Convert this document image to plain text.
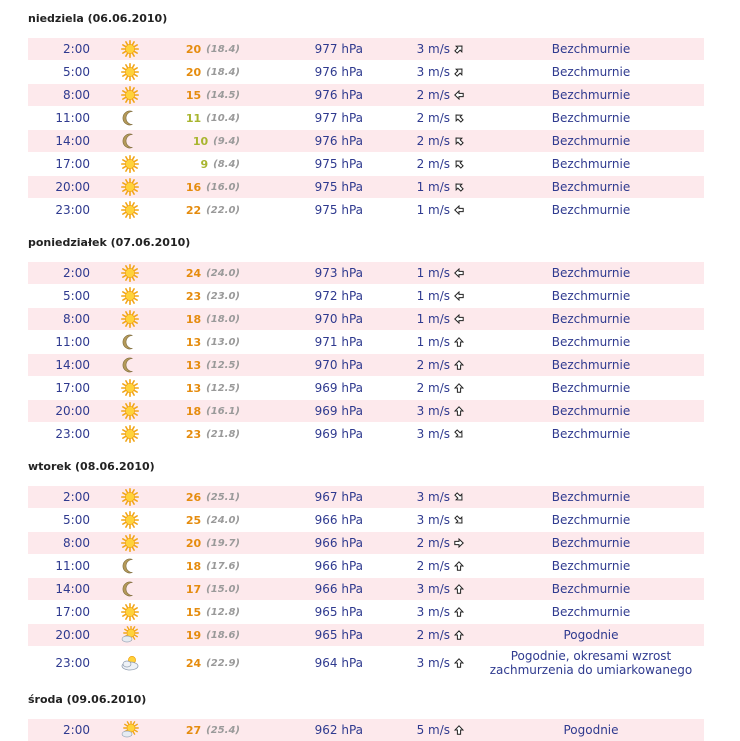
niedziela (06.06.2010)
2:00	20 (18.4)	977 hPa	3 m/s	Bezchmurnie
5:00	20 (18.4)	976 hPa	3 m/s	Bezchmurnie
8:00	15 (14.5)	976 hPa	2 m/s	Bezchmurnie
11:00	11 (10.4)	977 hPa	2 m/s	Bezchmurnie
14:00	10 (9.4)	976 hPa	2 m/s	Bezchmurnie
17:00	9 (8.4)	975 hPa	2 m/s	Bezchmurnie
20:00	16 (16.0)	975 hPa	1 m/s	Bezchmurnie
23:00	22 (22.0)	975 hPa	1 m/s	Bezchmurnie
poniedziałek (07.06.2010)
2:00	24 (24.0)	973 hPa	1 m/s	Bezchmurnie
5:00	23 (23.0)	972 hPa	1 m/s	Bezchmurnie
8:00	18 (18.0)	970 hPa	1 m/s	Bezchmurnie
11:00	13 (13.0)	971 hPa	1 m/s	Bezchmurnie
14:00	13 (12.5)	970 hPa	2 m/s	Bezchmurnie
17:00	13 (12.5)	969 hPa	2 m/s	Bezchmurnie
20:00	18 (16.1)	969 hPa	3 m/s	Bezchmurnie
23:00	23 (21.8)	969 hPa	3 m/s	Bezchmurnie
wtorek (08.06.2010)
2:00	26 (25.1)	967 hPa	3 m/s	Bezchmurnie
5:00	25 (24.0)	966 hPa	3 m/s	Bezchmurnie
8:00	20 (19.7)	966 hPa	2 m/s	Bezchmurnie
11:00	18 (17.6)	966 hPa	2 m/s	Bezchmurnie
14:00	17 (15.0)	966 hPa	3 m/s	Bezchmurnie
17:00	15 (12.8)	965 hPa	3 m/s	Bezchmurnie
20:00	19 (18.6)	965 hPa	2 m/s	Pogodnie
23:00	24 (22.9)	964 hPa	3 m/s	Pogodnie, okresami wzrost zachmurzenia do umiarkowanego
środa (09.06.2010)
2:00	27 (25.4)	962 hPa	5 m/s	Pogodnie
